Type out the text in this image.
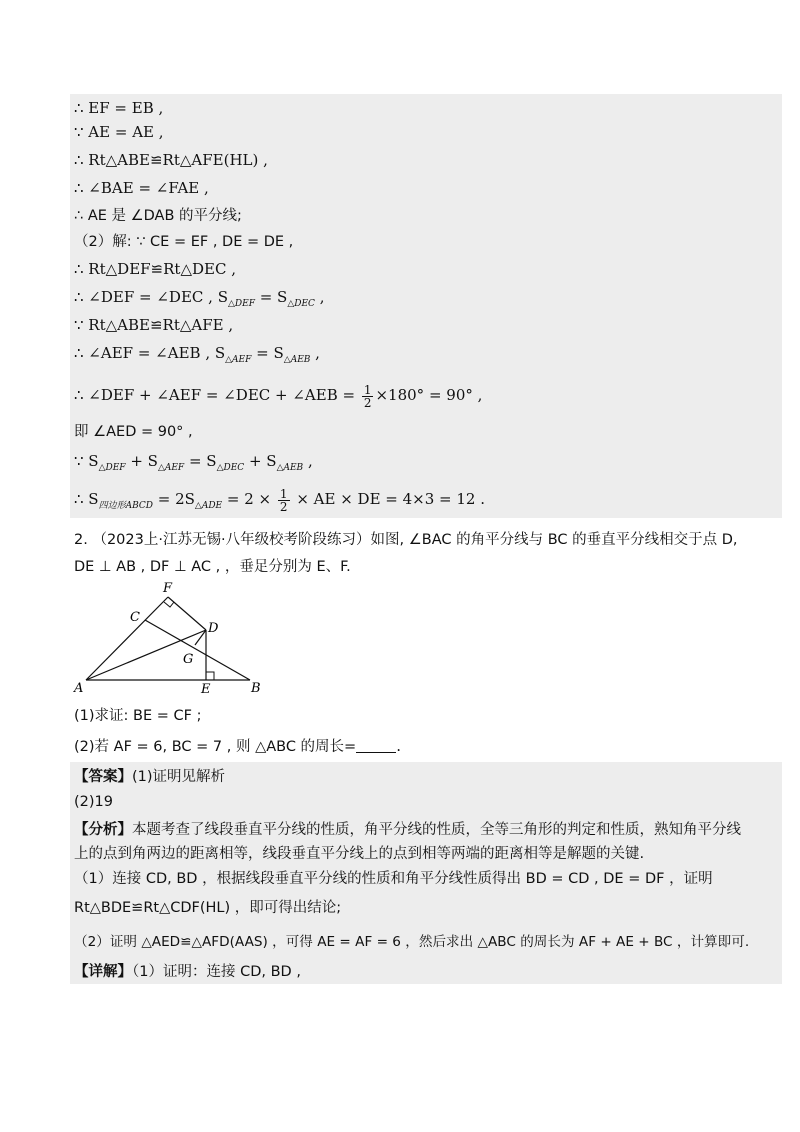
∴ EF = EB ,
∵ AE = AE ,
∴ Rt△ABE≌Rt△AFE(HL) ,
∴ ∠BAE = ∠FAE ,
∴ AE 是 ∠DAB 的平分线;
（2）解: ∵ CE = EF , DE = DE ,
∴ Rt△DEF≌Rt△DEC ,
∴ ∠DEF = ∠DEC , $S_{\triangle DEF} = S_{\triangle DEC}$ ,
∵ Rt△ABE≌Rt△AFE ,
∴ ∠AEF = ∠AEB , $S_{\triangle AEF} = S_{\triangle AEB}$ ,
∴ ∠DEF + ∠AEF = ∠DEC + ∠AEB = $\frac{1}{2} \times 180^\circ = 90^\circ$ ,
即 ∠AED = 90° ,
∵ $S_{\triangle DEF} + S_{\triangle AEF} = S_{\triangle DEC} + S_{\triangle AEB}$ ,
∴ $S_{四边形ABCD} = 2S_{\triangle ADE} = 2 \times \frac{1}{2}$ × AE × DE = 4×3 = 12 .
2. （2023上·江苏无锡·八年级校考阶段练习）如图, ∠BAC 的角平分线与 BC 的垂直平分线相交于点 D,
DE ⊥ AB , DF ⊥ AC , ，垂足分别为 E、F.
F
C
D
G
A	E	B
(1)求证: BE = CF ;
(2)若 AF = 6, BC = 7 , 则 △ABC 的周长=	.
【答案】(1)证明见解析
(2)19
【分析】本题考查了线段垂直平分线的性质，角平分线的性质，全等三角形的判定和性质，熟知角平分线
上的点到角两边的距离相等，线段垂直平分线上的点到相等两端的距离相等是解题的关键.
（1）连接 CD, BD ，根据线段垂直平分线的性质和角平分线性质得出 BD = CD , DE = DF ，证明
Rt△BDE≌Rt△CDF(HL) ，即可得出结论;
（2）证明 △AED≌△AFD(AAS) ，可得 AE = AF = 6 ，然后求出 △ABC 的周长为 AF + AE + BC ，计算即可.
【详解】（1）证明：连接 CD, BD ,
